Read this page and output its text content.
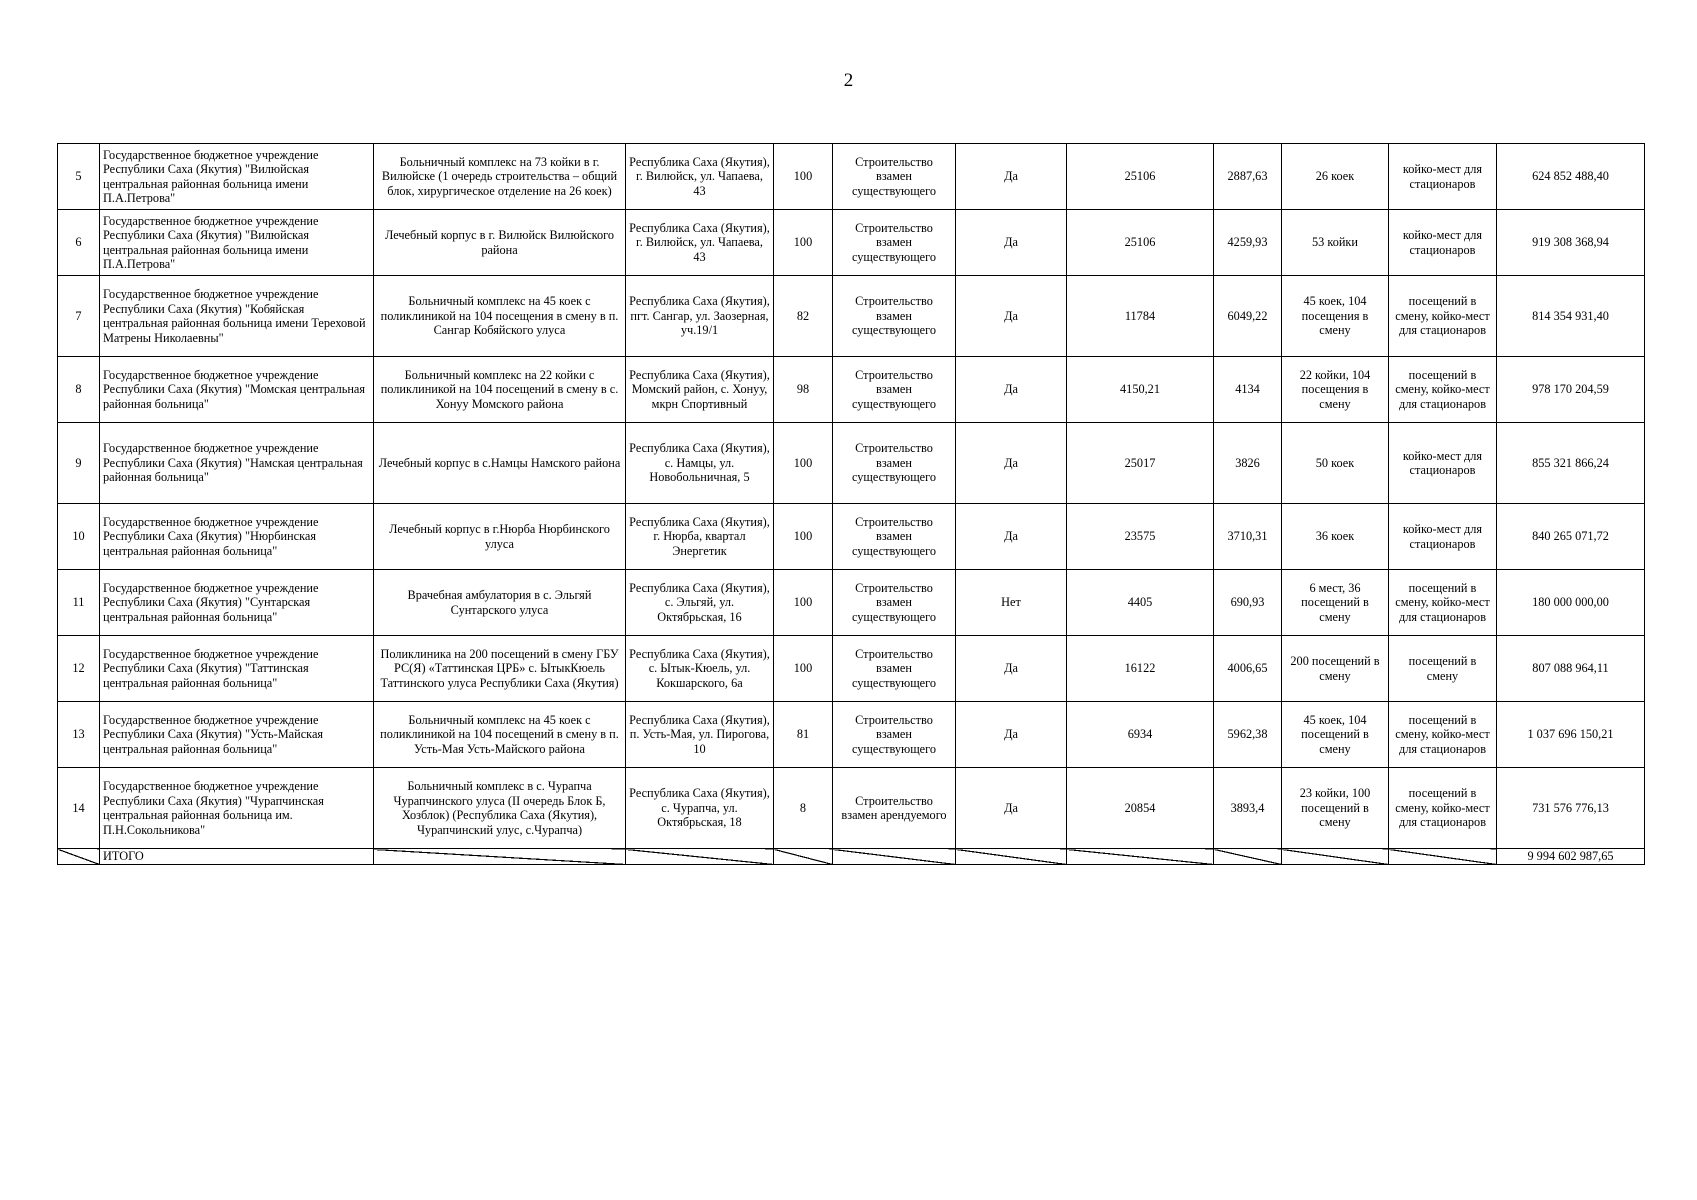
2
5	Государственное бюджетное учреждение Республики Саха (Якутия) "Вилюйская центральная районная больница имени П.А.Петрова"	Больничный комплекс на 73 койки в г. Вилюйске (1 очередь строительства – общий блок, хирургическое отделение на 26 коек)	Республика Саха (Якутия), г. Вилюйск, ул. Чапаева, 43	100	Строительство взамен существующего	Да	25106	2887,63	26 коек	койко-мест для стационаров	624 852 488,40
6	Государственное бюджетное учреждение Республики Саха (Якутия) "Вилюйская центральная районная больница имени П.А.Петрова"	Лечебный корпус в г. Вилюйск Вилюйского района	Республика Саха (Якутия), г. Вилюйск, ул. Чапаева, 43	100	Строительство взамен существующего	Да	25106	4259,93	53 койки	койко-мест для стационаров	919 308 368,94
7	Государственное бюджетное учреждение Республики Саха (Якутия) "Кобяйская центральная районная больница имени Тереховой Матрены Николаевны"	Больничный комплекс на 45 коек с поликлиникой на 104 посещения в смену в п. Сангар Кобяйского улуса	Республика Саха (Якутия), пгт. Сангар, ул. Заозерная, уч.19/1	82	Строительство взамен существующего	Да	11784	6049,22	45 коек, 104 посещения в смену	посещений в смену, койко-мест для стационаров	814 354 931,40
8	Государственное бюджетное учреждение Республики Саха (Якутия) "Момская центральная районная больница"	Больничный комплекс на 22 койки с поликлиникой на 104 посещений в смену в с. Хонуу Момского района	Республика Саха (Якутия), Момский район, с. Хонуу, мкрн Спортивный	98	Строительство взамен существующего	Да	4150,21	4134	22 койки, 104 посещения в смену	посещений в смену, койко-мест для стационаров	978 170 204,59
9	Государственное бюджетное учреждение Республики Саха (Якутия) "Намская центральная районная больница"	Лечебный корпус в с.Намцы Намского района	Республика Саха (Якутия), с. Намцы, ул. Новобольничная, 5	100	Строительство взамен существующего	Да	25017	3826	50 коек	койко-мест для стационаров	855 321 866,24
10	Государственное бюджетное учреждение Республики Саха (Якутия) "Нюрбинская центральная районная больница"	Лечебный корпус в г.Нюрба Нюрбинского улуса	Республика Саха (Якутия), г. Нюрба, квартал Энергетик	100	Строительство взамен существующего	Да	23575	3710,31	36 коек	койко-мест для стационаров	840 265 071,72
11	Государственное бюджетное учреждение Республики Саха (Якутия) "Сунтарская центральная районная больница"	Врачебная амбулатория в с. Эльгяй Сунтарского улуса	Республика Саха (Якутия), с. Эльгяй, ул. Октябрьская, 16	100	Строительство взамен существующего	Нет	4405	690,93	6 мест, 36 посещений в смену	посещений в смену, койко-мест для стационаров	180 000 000,00
12	Государственное бюджетное учреждение Республики Саха (Якутия) "Таттинская центральная районная больница"	Поликлиника на 200 посещений в смену ГБУ РС(Я) «Таттинская ЦРБ» с. ЫтыкКюель Таттинского улуса Республики Саха (Якутия)	Республика Саха (Якутия), с. Ытык-Кюель, ул. Кокшарского, 6а	100	Строительство взамен существующего	Да	16122	4006,65	200 посещений в смену	посещений в смену	807 088 964,11
13	Государственное бюджетное учреждение Республики Саха (Якутия) "Усть-Майская центральная районная больница"	Больничный комплекс на 45 коек с поликлиникой на 104 посещений в смену в п. Усть-Мая Усть-Майского района	Республика Саха (Якутия), п. Усть-Мая, ул. Пирогова, 10	81	Строительство взамен существующего	Да	6934	5962,38	45 коек, 104 посещений в смену	посещений в смену, койко-мест для стационаров	1 037 696 150,21
14	Государственное бюджетное учреждение Республики Саха (Якутия) "Чурапчинская центральная районная больница им. П.Н.Сокольникова"	Больничный комплекс в с. Чурапча Чурапчинского улуса (II очередь Блок Б, Хозблок) (Республика Саха (Якутия), Чурапчинский улус, с.Чурапча)	Республика Саха (Якутия), с. Чурапча, ул. Октябрьская, 18	8	Строительство взамен арендуемого	Да	20854	3893,4	23 койки, 100 посещений в смену	посещений в смену, койко-мест для стационаров	731 576 776,13
	ИТОГО										9 994 602 987,65
